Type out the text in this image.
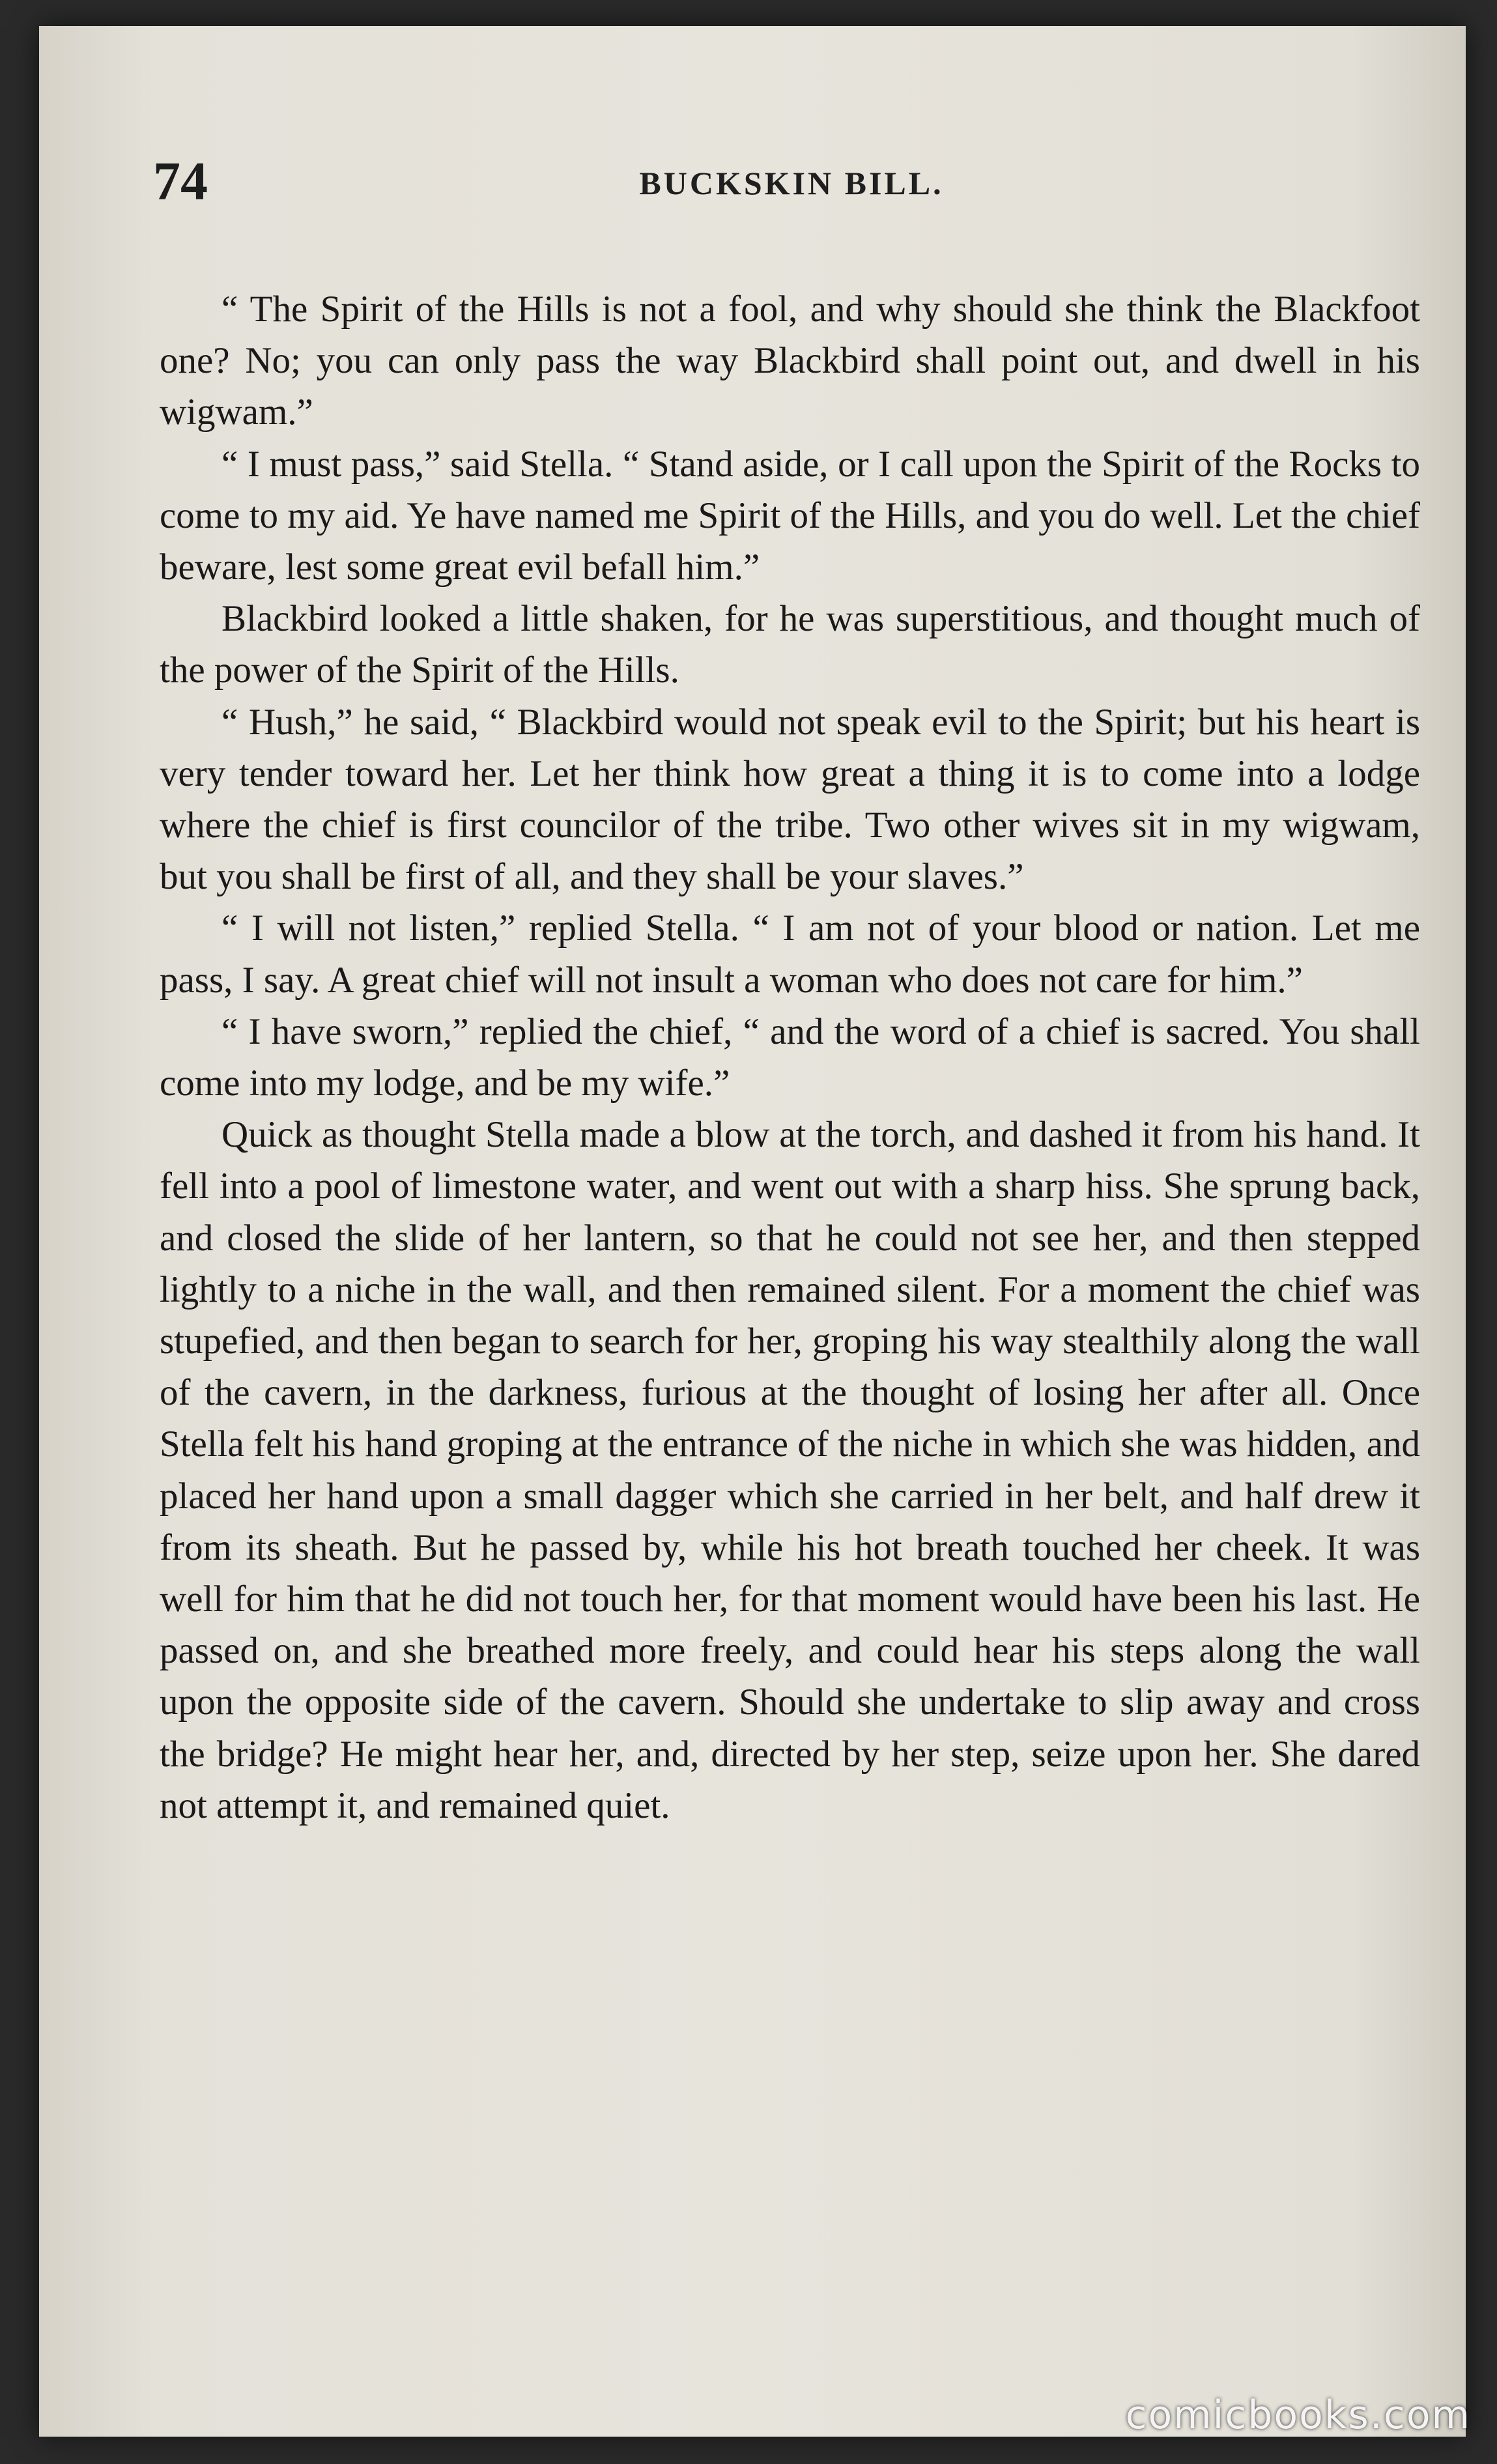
74	BUCKSKIN BILL.

“ The Spirit of the Hills is not a fool, and why should she think the Blackfoot one? No; you can only pass the way Blackbird shall point out, and dwell in his wigwam.”

“ I must pass,” said Stella. “ Stand aside, or I call upon the Spirit of the Rocks to come to my aid. Ye have named me Spirit of the Hills, and you do well. Let the chief beware, lest some great evil befall him.”

Blackbird looked a little shaken, for he was superstitious, and thought much of the power of the Spirit of the Hills.

“ Hush,” he said, “ Blackbird would not speak evil to the Spirit; but his heart is very tender toward her. Let her think how great a thing it is to come into a lodge where the chief is first councilor of the tribe. Two other wives sit in my wigwam, but you shall be first of all, and they shall be your slaves.”

“ I will not listen,” replied Stella. “ I am not of your blood or nation. Let me pass, I say. A great chief will not insult a woman who does not care for him.”

“ I have sworn,” replied the chief, “ and the word of a chief is sacred. You shall come into my lodge, and be my wife.”

Quick as thought Stella made a blow at the torch, and dashed it from his hand. It fell into a pool of limestone water, and went out with a sharp hiss. She sprung back, and closed the slide of her lantern, so that he could not see her, and then stepped lightly to a niche in the wall, and then remained silent. For a moment the chief was stupefied, and then began to search for her, groping his way stealthily along the wall of the cavern, in the darkness, furious at the thought of losing her after all. Once Stella felt his hand groping at the entrance of the niche in which she was hidden, and placed her hand upon a small dagger which she carried in her belt, and half drew it from its sheath. But he passed by, while his hot breath touched her cheek. It was well for him that he did not touch her, for that moment would have been his last. He passed on, and she breathed more freely, and could hear his steps along the wall upon the opposite side of the cavern. Should she undertake to slip away and cross the bridge? He might hear her, and, directed by her step, seize upon her. She dared not attempt it, and remained quiet.

comicbooks.com
